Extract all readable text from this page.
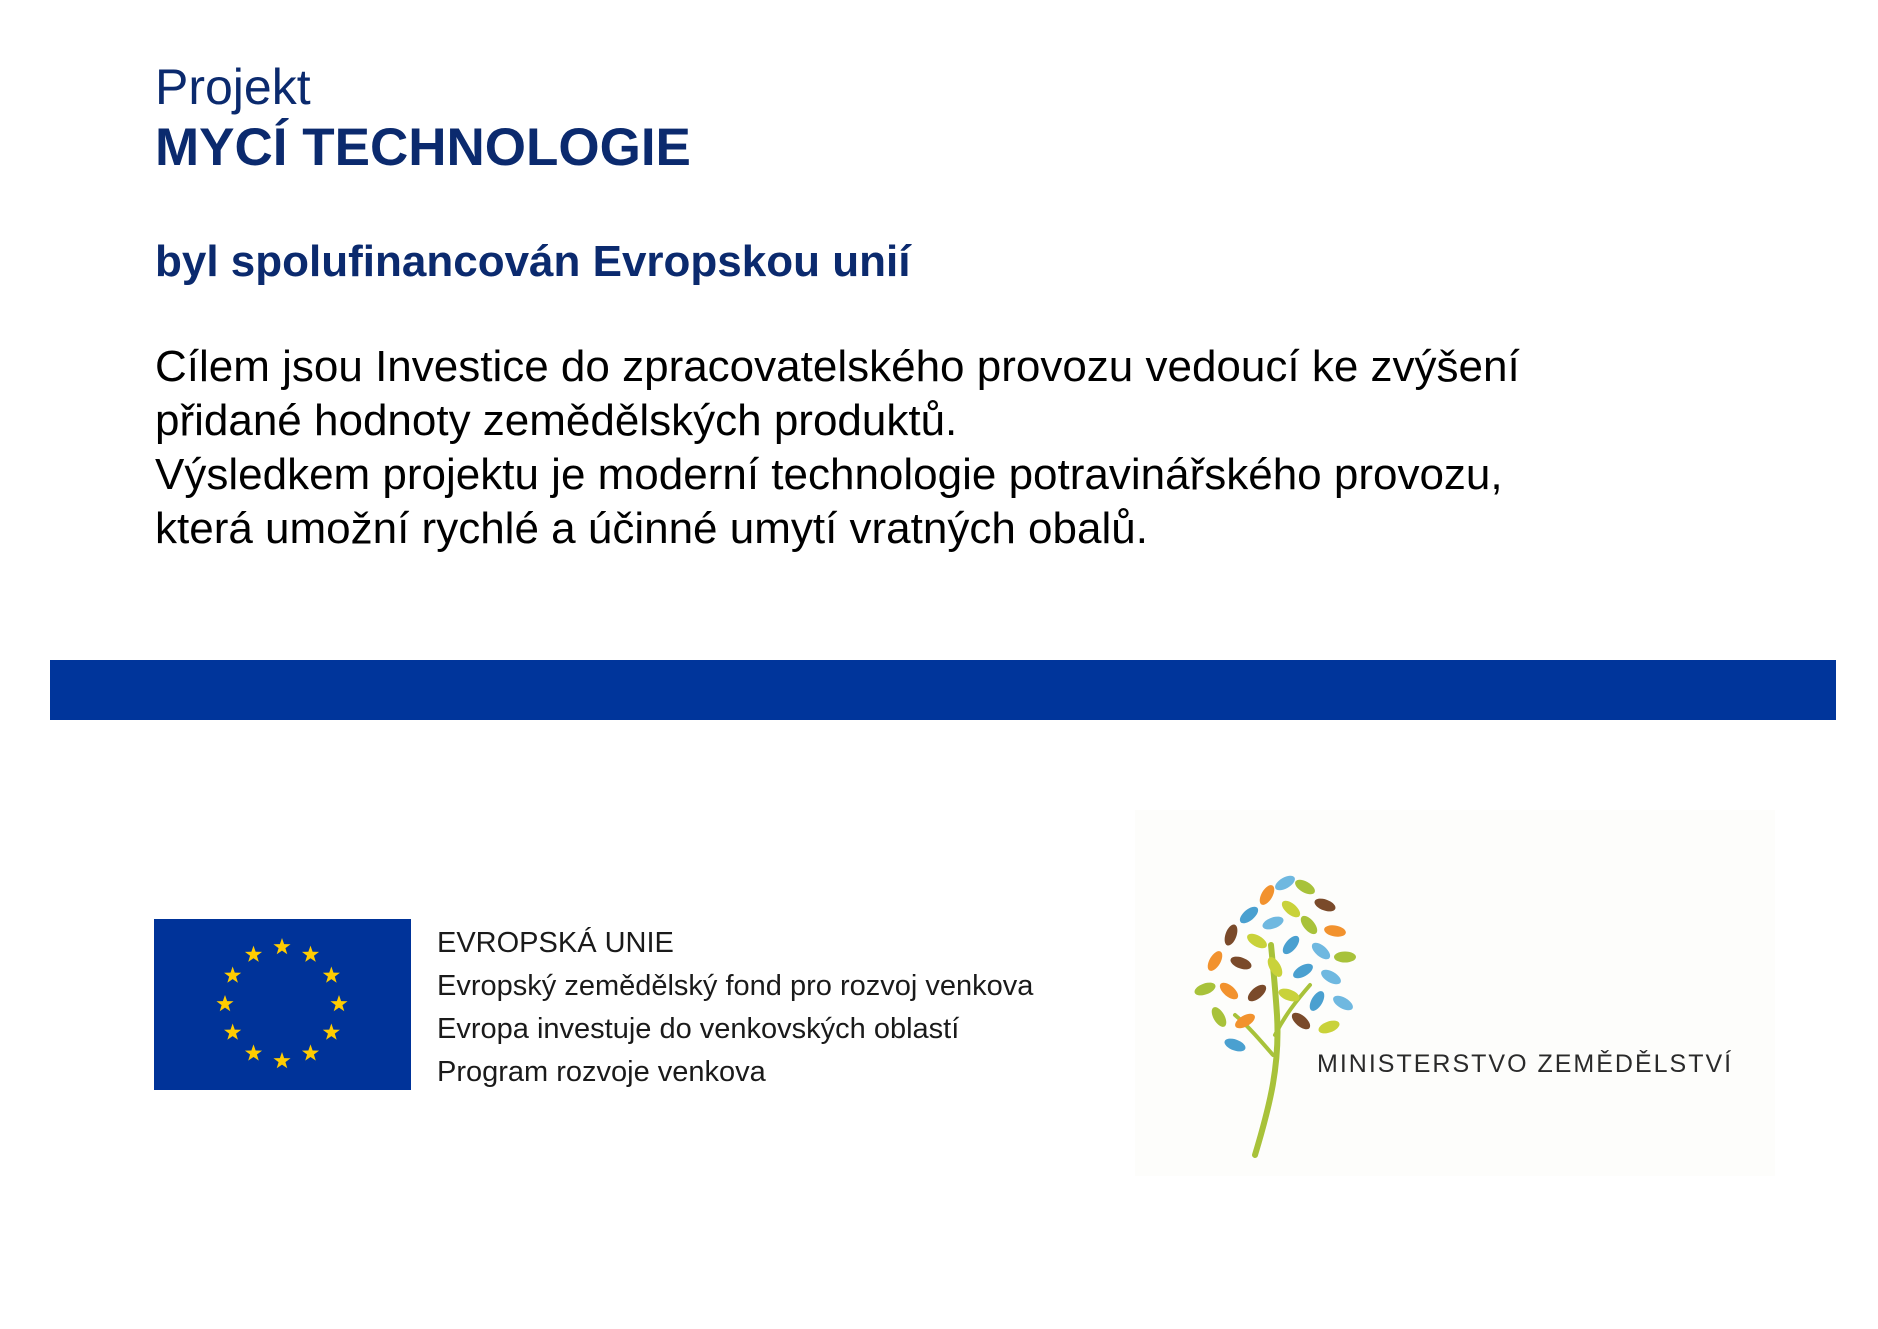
Projekt
MYCÍ TECHNOLOGIE
byl spolufinancován Evropskou unií

Cílem jsou Investice do zpracovatelského provozu vedoucí ke zvýšení
přidané hodnoty zemědělských produktů.
Výsledkem projektu je moderní technologie potravinářského provozu,
která umožní rychlé a účinné umytí vratných obalů.

EVROPSKÁ UNIE
Evropský zemědělský fond pro rozvoj venkova
Evropa investuje do venkovských oblastí
Program rozvoje venkova	MINISTERSTVO ZEMĚDĚLSTVÍ
